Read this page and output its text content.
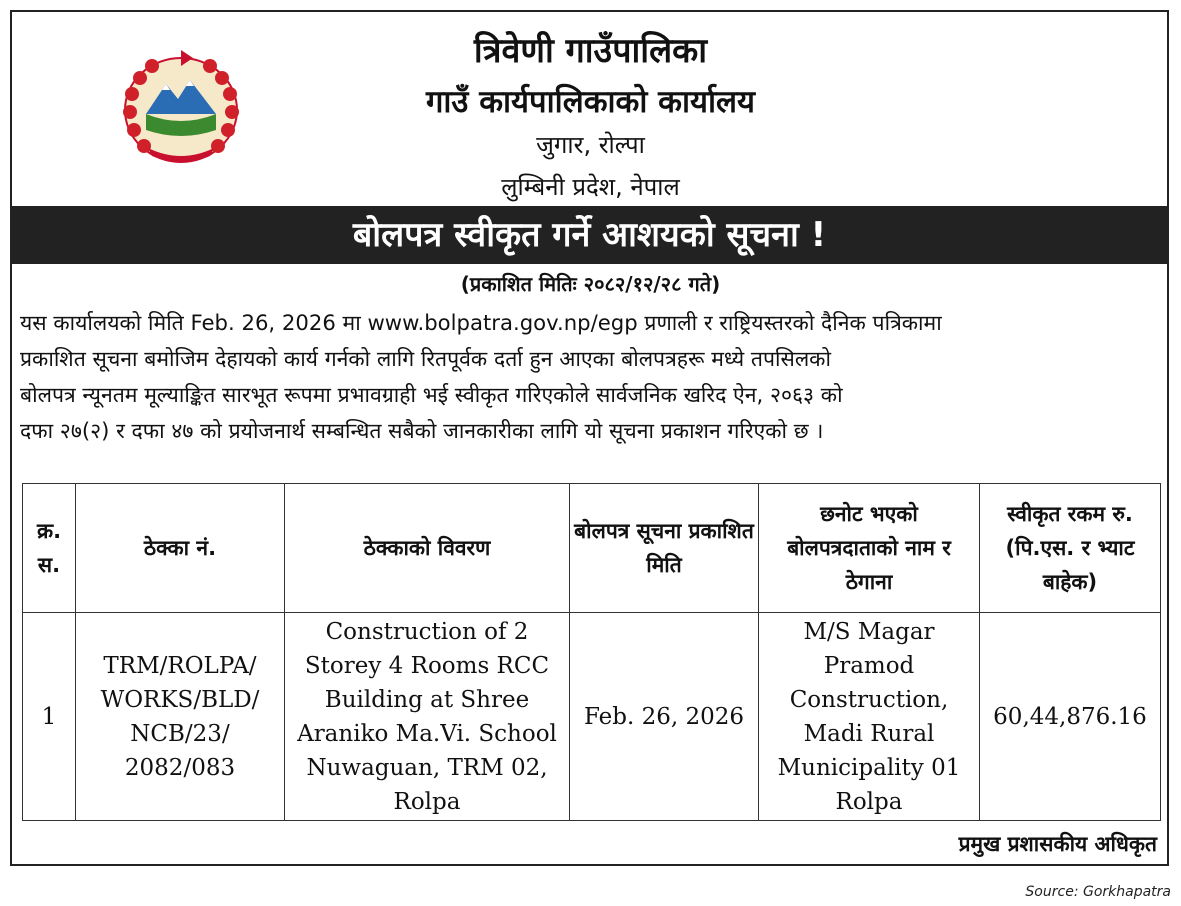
त्रिवेणी गाउँपालिका
गाउँ कार्यपालिकाको कार्यालय
जुगार, रोल्पा
लुम्बिनी प्रदेश, नेपाल
बोलपत्र स्वीकृत गर्ने आशयको सूचना !
(प्रकाशित मितिः २०८२/१२/२८ गते)
यस कार्यालयको मिति Feb. 26, 2026 मा www.bolpatra.gov.np/egp प्रणाली र राष्ट्रियस्तरको दैनिक पत्रिकामा
प्रकाशित सूचना बमोजिम देहायको कार्य गर्नको लागि रितपूर्वक दर्ता हुन आएका बोलपत्रहरू मध्ये तपसिलको
बोलपत्र न्यूनतम मूल्याङ्कित सारभूत रूपमा प्रभावग्राही भई स्वीकृत गरिएकोले सार्वजनिक खरिद ऐन, २०६३ को
दफा २७(२) र दफा ४७ को प्रयोजनार्थ सम्बन्धित सबैको जानकारीका लागि यो सूचना प्रकाशन गरिएको छ ।
क्र. स.	ठेक्का नं.	ठेक्काको विवरण	बोलपत्र सूचना प्रकाशित मिति	छनोट भएको बोलपत्रदाताको नाम र ठेगाना	स्वीकृत रकम रु. (पि.एस. र भ्याट बाहेक)
1	TRM/ROLPA/ WORKS/BLD/ NCB/23/ 2082/083	Construction of 2 Storey 4 Rooms RCC Building at Shree Araniko Ma.Vi. School Nuwaguan, TRM 02, Rolpa	Feb. 26, 2026	M/S Magar Pramod Construction, Madi Rural Municipality 01 Rolpa	60,44,876.16
प्रमुख प्रशासकीय अधिकृत
Source: Gorkhapatra
